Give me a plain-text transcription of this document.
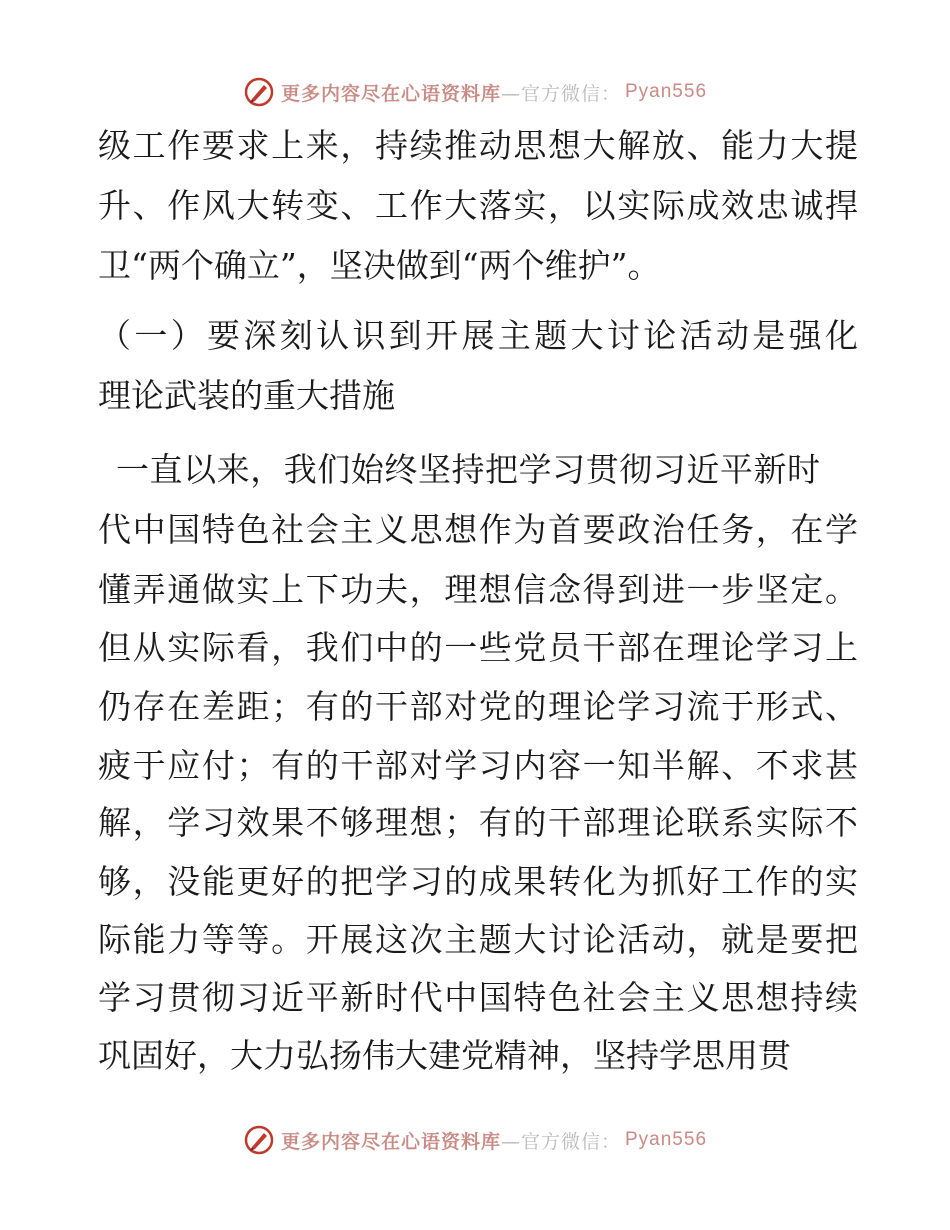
更多内容尽在心语资料库 —官方微信： Pyan556
级工作要求上来，持续推动思想大解放、能力大提
升、作风大转变、工作大落实，以实际成效忠诚捍
卫“两个确立”，坚决做到“两个维护”。
（一）要深刻认识到开展主题大讨论活动是强化
理论武装的重大措施
一直以来，我们始终坚持把学习贯彻习近平新时
代中国特色社会主义思想作为首要政治任务，在学
懂弄通做实上下功夫，理想信念得到进一步坚定。
但从实际看，我们中的一些党员干部在理论学习上
仍存在差距；有的干部对党的理论学习流于形式、
疲于应付；有的干部对学习内容一知半解、不求甚
解，学习效果不够理想；有的干部理论联系实际不
够，没能更好的把学习的成果转化为抓好工作的实
际能力等等。开展这次主题大讨论活动，就是要把
学习贯彻习近平新时代中国特色社会主义思想持续
巩固好，大力弘扬伟大建党精神，坚持学思用贯
更多内容尽在心语资料库 —官方微信： Pyan556
